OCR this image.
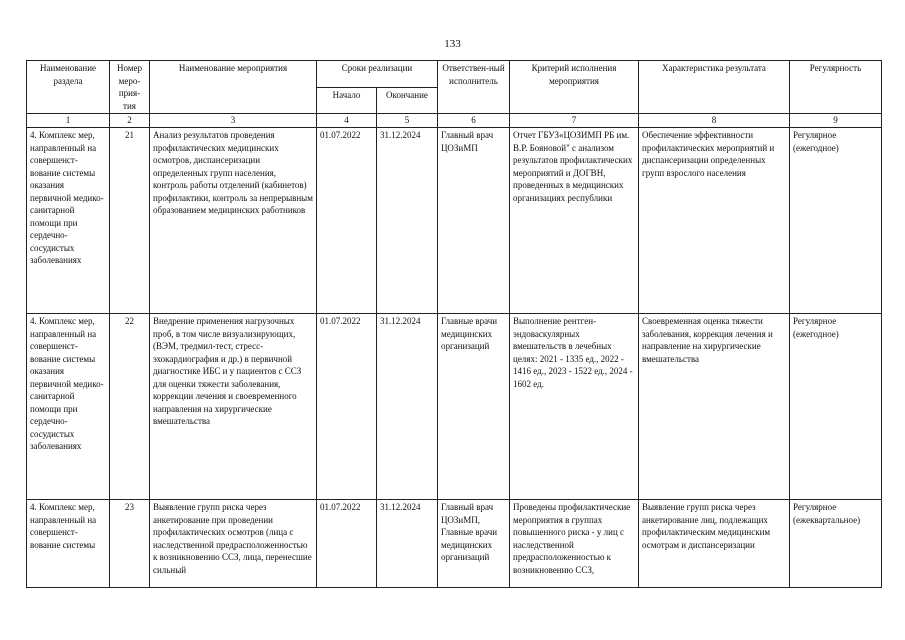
133
Наименование раздела	Номер меро-прия-тия	Наименование мероприятия	Сроки реализации		Ответствен-ный исполнитель	Критерий исполнения мероприятия	Характеристика результата	Регулярность
			Начало	Окончание				
1	2	3	4	5	6	7	8	9
4. Комплекс мер, направленный на совершенст-вование системы оказания первичной медико-санитарной помощи при сердечно-сосудистых заболеваниях	21	Анализ результатов проведения профилактических медицинских осмотров, диспансеризации определенных групп населения, контроль работы отделений (кабинетов) профилактики, контроль за непрерывным образованием медицинских работников	01.07.2022	31.12.2024	Главный врач ЦОЗиМП	Отчет ГБУЗ«ЦОЗИМП РБ им. В.Р. Бояновой" с анализом результатов профилактических мероприятий и ДОГВН, проведенных в медицинских организациях республики	Обеспечение эффективности профилактических мероприятий и диспансеризации определенных групп взрослого населения	Регулярное (ежегодное)
4. Комплекс мер, направленный на совершенст-вование системы оказания первичной медико-санитарной помощи при сердечно-сосудистых заболеваниях	22	Внедрение применения нагрузочных проб, в том числе визуализирующих, (ВЭМ, тредмил-тест, стресс-эхокардиография и др.) в первичной диагностике ИБС и у пациентов с ССЗ для оценки тяжести заболевания, коррекции лечения и своевременного направления на хирургические вмешательства	01.07.2022	31.12.2024	Главные врачи медицинских организаций	Выполнение рентген-эндоваскулярных вмешательств в лечебных целях: 2021 - 1335 ед., 2022 - 1416 ед., 2023 - 1522 ед., 2024 - 1602 ед.	Своевременная оценка тяжести заболевания, коррекция лечения и направление на хирургические вмешательства	Регулярное (ежегодное)
4. Комплекс мер, направленный на совершенст-вование системы	23	Выявление групп риска через анкетирование при проведении профилактических осмотров (лица с наследственной предрасположенностью к возникновению ССЗ, лица, перенесшие сильный	01.07.2022	31.12.2024	Главный врач ЦОЗиМП, Главные врачи медицинских организаций	Проведены профилактические мероприятия в группах повышенного риска - у лиц с наследственной предрасположенностью к возникновению ССЗ,	Выявление групп риска через анкетирование лиц, подлежащих профилактическим медицинским осмотрам и диспансеризации	Регулярное (ежеквартальное)
